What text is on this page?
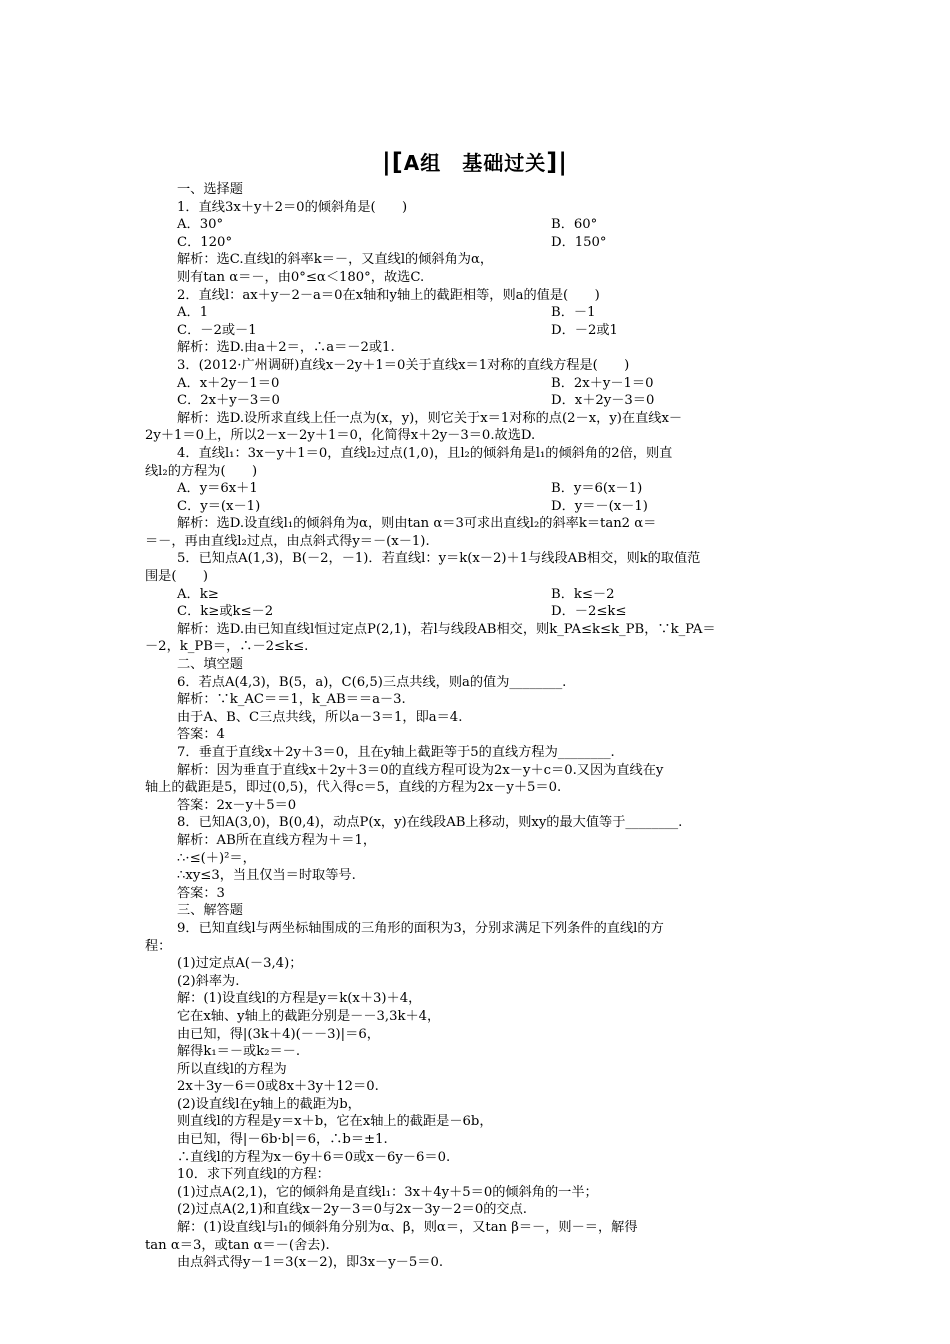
|[A组　基础过关]|
一、选择题
1．直线3x＋y＋2＝0的倾斜角是(　　)
A．30°	B．60°
C．120°	D．150°
解析：选C.直线l的斜率k＝－，又直线l的倾斜角为α，
则有tan α＝－，由0°≤α＜180°，故选C.
2．直线l：ax＋y－2－a＝0在x轴和y轴上的截距相等，则a的值是(　　)
A．1	B．－1
C．－2或－1	D．－2或1
解析：选D.由a＋2＝，∴a＝－2或1.
3．(2012·广州调研)直线x－2y＋1＝0关于直线x＝1对称的直线方程是(　　)
A．x＋2y－1＝0	B．2x＋y－1＝0
C．2x＋y－3＝0	D．x＋2y－3＝0
解析：选D.设所求直线上任一点为(x，y)，则它关于x＝1对称的点(2－x，y)在直线x－
2y＋1＝0上，所以2－x－2y＋1＝0，化简得x＋2y－3＝0.故选D.
4．直线l₁：3x－y＋1＝0，直线l₂过点(1,0)，且l₂的倾斜角是l₁的倾斜角的2倍，则直
线l₂的方程为(　　)
A．y＝6x＋1	B．y＝6(x－1)
C．y＝(x－1)	D．y＝－(x－1)
解析：选D.设直线l₁的倾斜角为α，则由tan α＝3可求出直线l₂的斜率k＝tan2 α＝
＝－，再由直线l₂过点，由点斜式得y＝－(x－1).
5．已知点A(1,3)，B(－2，－1)．若直线l：y＝k(x－2)＋1与线段AB相交，则k的取值范
围是(　　)
A．k≥	B．k≤－2
C．k≥或k≤－2	D．－2≤k≤
解析：选D.由已知直线l恒过定点P(2,1)，若l与线段AB相交，则k_PA≤k≤k_PB，∵k_PA＝
－2，k_PB＝，∴－2≤k≤.
二、填空题
6．若点A(4,3)，B(5，a)，C(6,5)三点共线，则a的值为________.
解析：∵k_AC＝＝1，k_AB＝＝a－3.
由于A、B、C三点共线，所以a－3＝1，即a＝4.
答案：4
7．垂直于直线x＋2y＋3＝0，且在y轴上截距等于5的直线方程为________.
解析：因为垂直于直线x＋2y＋3＝0的直线方程可设为2x－y＋c＝0.又因为直线在y
轴上的截距是5，即过(0,5)，代入得c＝5，直线的方程为2x－y＋5＝0.
答案：2x－y＋5＝0
8．已知A(3,0)，B(0,4)，动点P(x，y)在线段AB上移动，则xy的最大值等于________.
解析：AB所在直线方程为＋＝1，
∴·≤(＋)²＝，
∴xy≤3，当且仅当＝时取等号.
答案：3
三、解答题
9．已知直线l与两坐标轴围成的三角形的面积为3，分别求满足下列条件的直线l的方
程：
(1)过定点A(－3,4)；
(2)斜率为.
解：(1)设直线l的方程是y＝k(x＋3)＋4，
它在x轴、y轴上的截距分别是－－3,3k＋4，
由已知，得|(3k＋4)(－－3)|＝6，
解得k₁＝－或k₂＝－.
所以直线l的方程为
2x＋3y－6＝0或8x＋3y＋12＝0.
(2)设直线l在y轴上的截距为b，
则直线l的方程是y＝x＋b，它在x轴上的截距是－6b，
由已知，得|－6b·b|＝6，∴b＝±1.
∴直线l的方程为x－6y＋6＝0或x－6y－6＝0.
10．求下列直线l的方程：
(1)过点A(2,1)，它的倾斜角是直线l₁：3x＋4y＋5＝0的倾斜角的一半；
(2)过点A(2,1)和直线x－2y－3＝0与2x－3y－2＝0的交点.
解：(1)设直线l与l₁的倾斜角分别为α、β，则α＝，又tan β＝－，则－＝，解得
tan α＝3，或tan α＝－(舍去).
由点斜式得y－1＝3(x－2)，即3x－y－5＝0.
